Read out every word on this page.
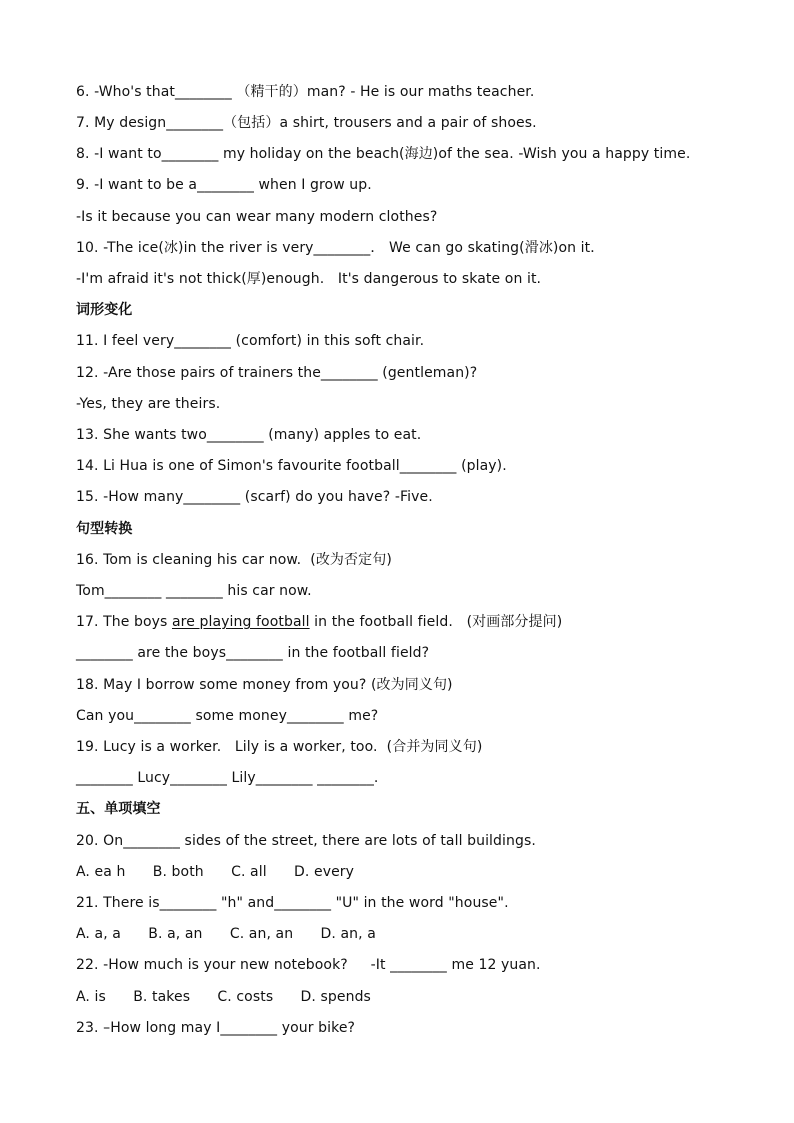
6. -Who's that________ （精干的）man? - He is our maths teacher.
7. My design________（包括）a shirt, trousers and a pair of shoes.
8. -I want to________ my holiday on the beach(海边)of the sea. -Wish you a happy time.
9. -I want to be a________ when I grow up.
-Is it because you can wear many modern clothes?
10. -The ice(冰)in the river is very________． We can go skating(滑冰)on it．
-I'm afraid it's not thick(厚)enough.   It's dangerous to skate on it.
词形变化
11. I feel very________ (comfort) in this soft chair.
12. -Are those pairs of trainers the________ (gentleman)?
-Yes, they are theirs.
13. She wants two________ (many) apples to eat.
14. Li Hua is one of Simon's favourite football________ (play).
15. -How many________ (scarf) do you have? -Five.
句型转换
16. Tom is cleaning his car now.  (改为否定句)
Tom________ ________ his car now.
17. The boys are playing football in the football field.   (对画部分提问)
________ are the boys________ in the football field?
18. May I borrow some money from you? (改为同义句)
Can you________ some money________ me?
19. Lucy is a worker.   Lily is a worker, too.  (合并为同义句)
________ Lucy________ Lily________ ________.
五、单项填空
20. On________ sides of the street, there are lots of tall buildings.
A. ea h      B. both      C. all      D. every
21. There is________ "h" and________ "U" in the word "house".
A. a, a      B. a, an      C. an, an      D. an, a
22. -How much is your new notebook?     -It ________ me 12 yuan.
A. is      B. takes      C. costs      D. spends
23. –How long may I________ your bike?
